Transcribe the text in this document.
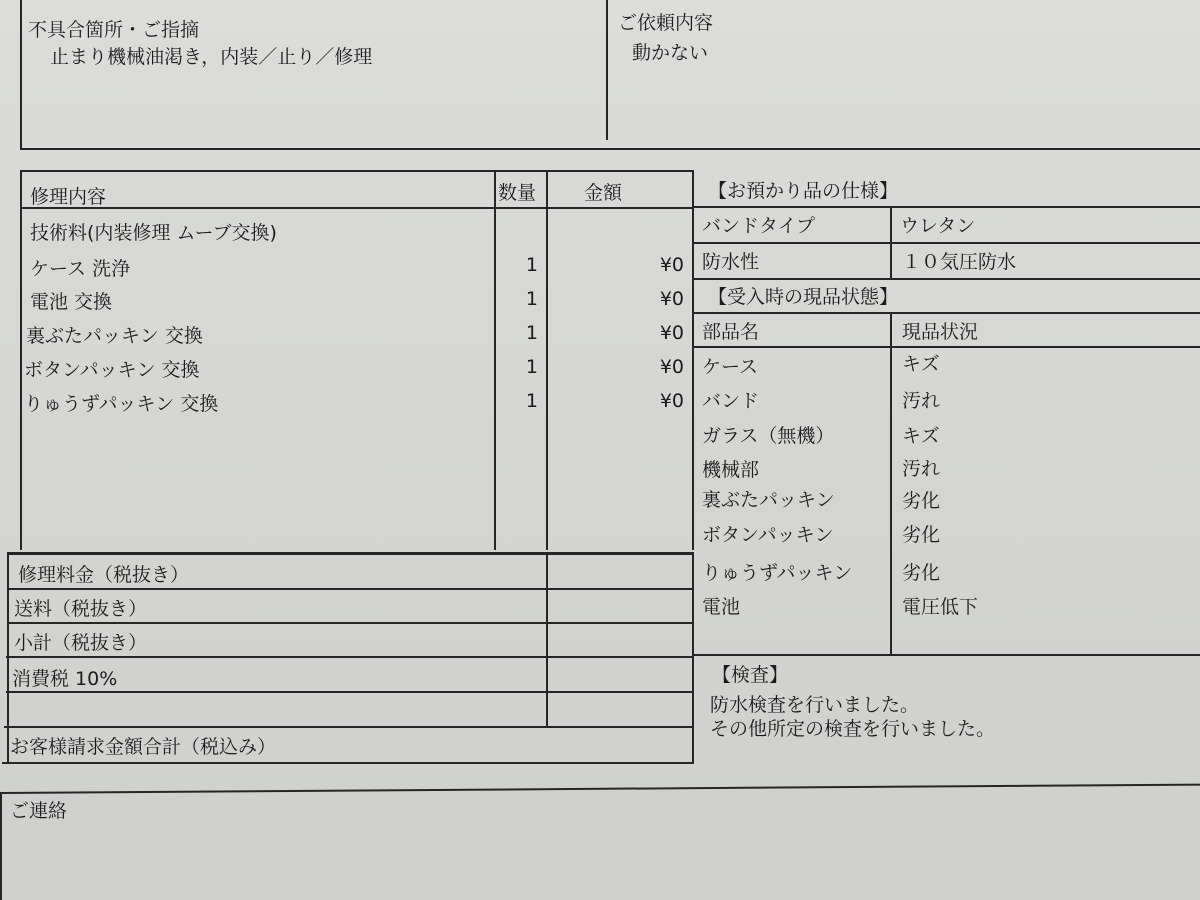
不具合箇所・ご指摘
止まり機械油渇き，内装／止り／修理
ご依頼内容
動かない
修理内容	数量	金額
技術料(内装修理 ムーブ交換)
ケース 洗浄	1	¥0
電池 交換	1	¥0
裏ぶたパッキン 交換	1	¥0
ボタンパッキン 交換	1	¥0
りゅうずパッキン 交換	1	¥0
修理料金（税抜き）
送料（税抜き）
小計（税抜き）
消費税 10%
お客様請求金額合計（税込み）
【お預かり品の仕様】
バンドタイプ	ウレタン
防水性	１０気圧防水
【受入時の現品状態】
部品名	現品状況
ケース	キズ
バンド	汚れ
ガラス（無機）	キズ
機械部	汚れ
裏ぶたパッキン	劣化
ボタンパッキン	劣化
りゅうずパッキン	劣化
電池	電圧低下
【検査】
防水検査を行いました。
その他所定の検査を行いました。
ご連絡
